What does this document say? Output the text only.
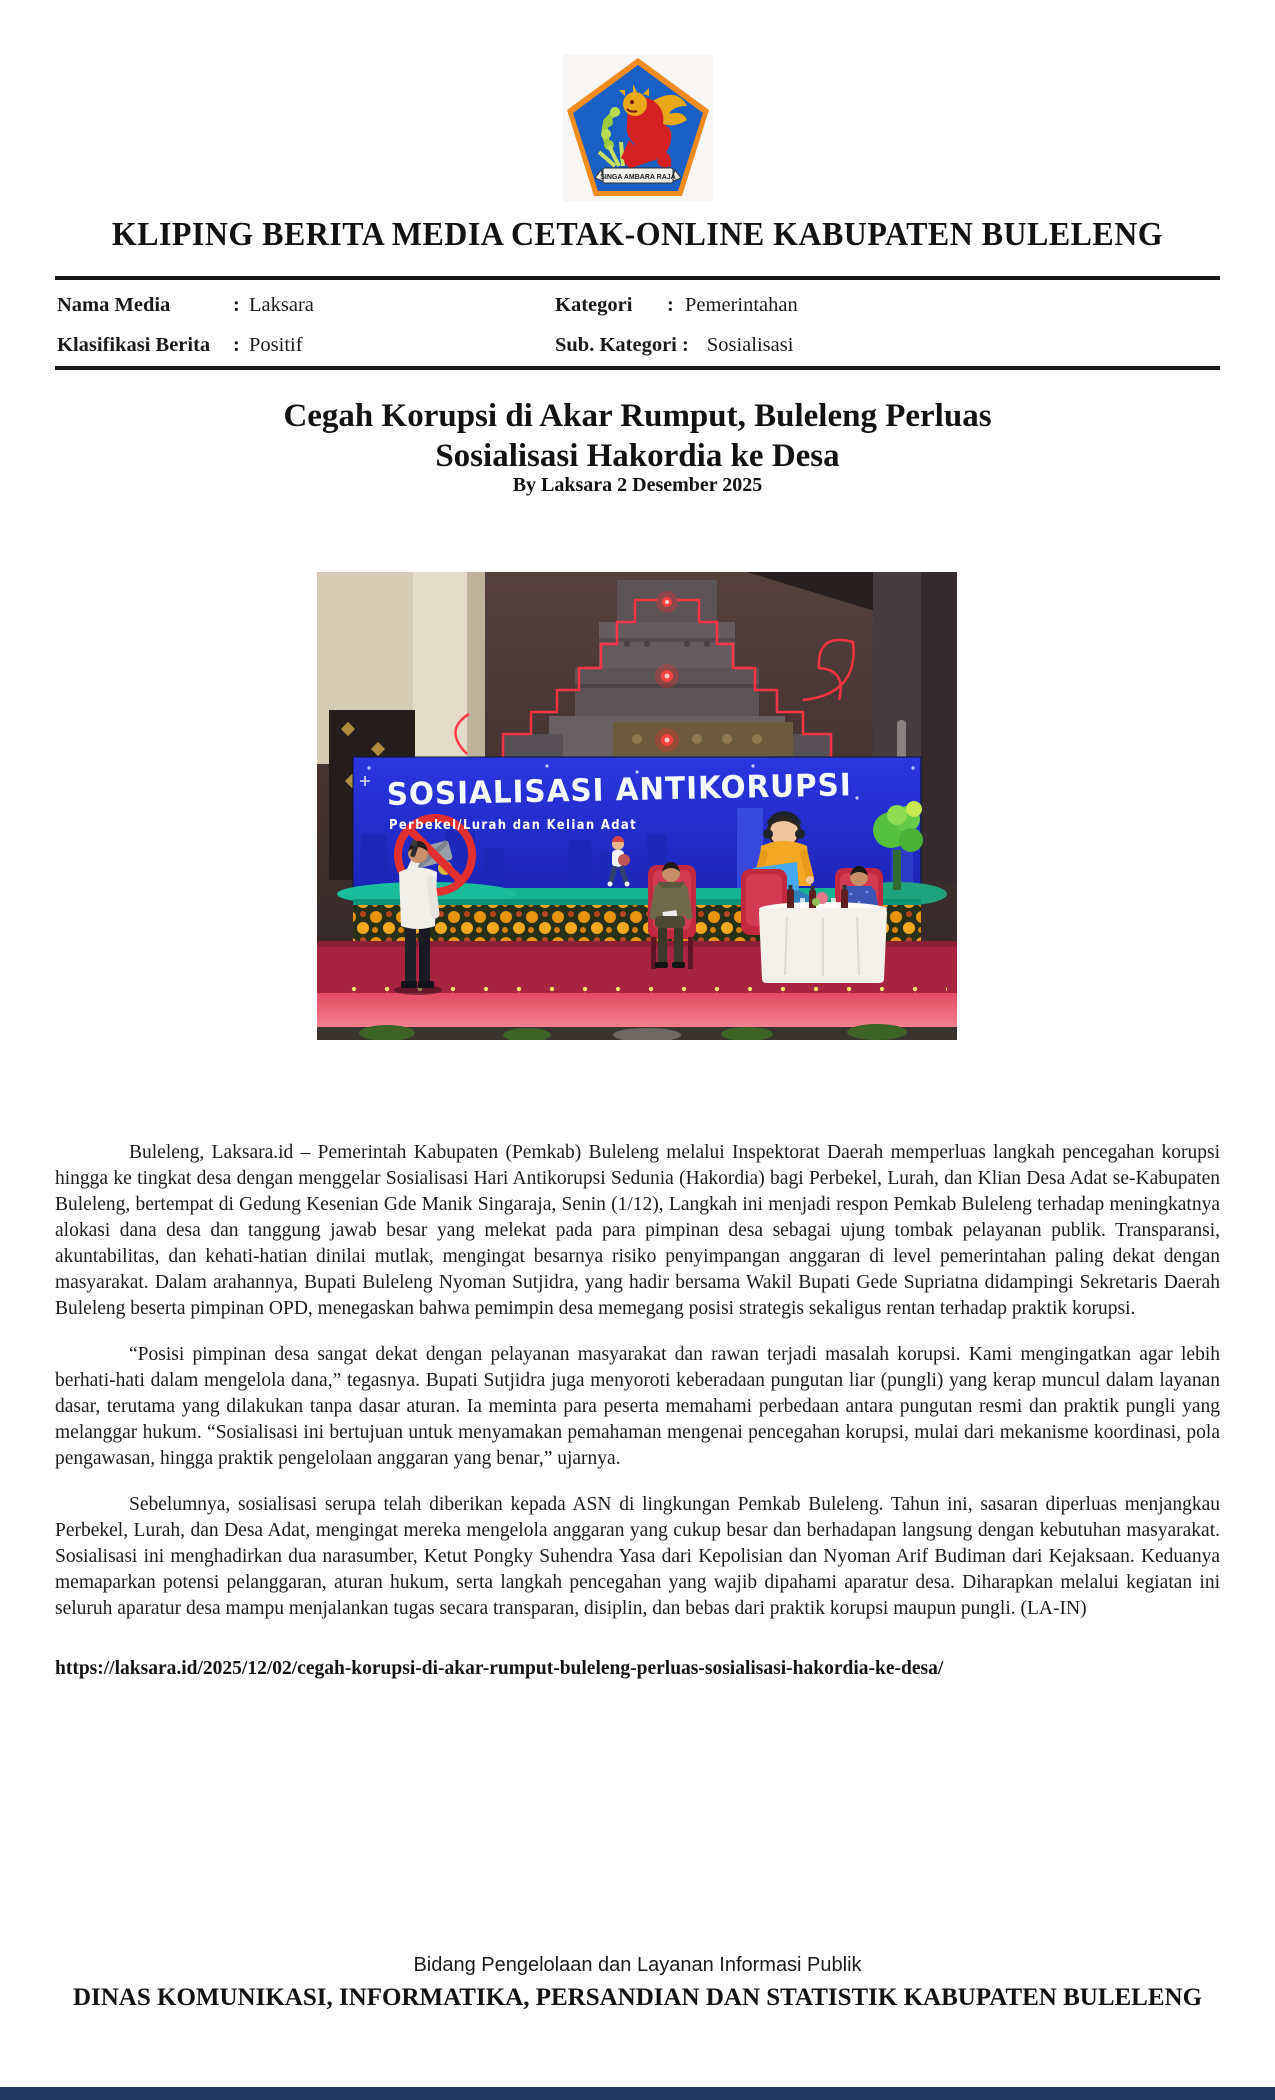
SINGA AMBARA RAJA
KLIPING BERITA MEDIA CETAK-ONLINE KABUPATEN BULELENG
Nama Media	: Laksara	Kategori	: Pemerintahan
Klasifikasi Berita	: Positif	Sub. Kategori : Sosialisasi
Cegah Korupsi di Akar Rumput, Buleleng Perluas
Sosialisasi Hakordia ke Desa
By Laksara 2 Desember 2025
SOSIALISASI ANTIKORUPSI
Perbekel/Lurah dan Kelian Adat

Buleleng, Laksara.id – Pemerintah Kabupaten (Pemkab) Buleleng melalui Inspektorat Daerah memperluas langkah pencegahan korupsi hingga ke tingkat desa dengan menggelar Sosialisasi Hari Antikorupsi Sedunia (Hakordia) bagi Perbekel, Lurah, dan Klian Desa Adat se-Kabupaten Buleleng, bertempat di Gedung Kesenian Gde Manik Singaraja, Senin (1/12), Langkah ini menjadi respon Pemkab Buleleng terhadap meningkatnya alokasi dana desa dan tanggung jawab besar yang melekat pada para pimpinan desa sebagai ujung tombak pelayanan publik. Transparansi, akuntabilitas, dan kehati-hatian dinilai mutlak, mengingat besarnya risiko penyimpangan anggaran di level pemerintahan paling dekat dengan masyarakat. Dalam arahannya, Bupati Buleleng Nyoman Sutjidra, yang hadir bersama Wakil Bupati Gede Supriatna didampingi Sekretaris Daerah Buleleng beserta pimpinan OPD, menegaskan bahwa pemimpin desa memegang posisi strategis sekaligus rentan terhadap praktik korupsi.

“Posisi pimpinan desa sangat dekat dengan pelayanan masyarakat dan rawan terjadi masalah korupsi. Kami mengingatkan agar lebih berhati-hati dalam mengelola dana,” tegasnya. Bupati Sutjidra juga menyoroti keberadaan pungutan liar (pungli) yang kerap muncul dalam layanan dasar, terutama yang dilakukan tanpa dasar aturan. Ia meminta para peserta memahami perbedaan antara pungutan resmi dan praktik pungli yang melanggar hukum. “Sosialisasi ini bertujuan untuk menyamakan pemahaman mengenai pencegahan korupsi, mulai dari mekanisme koordinasi, pola pengawasan, hingga praktik pengelolaan anggaran yang benar,” ujarnya.

Sebelumnya, sosialisasi serupa telah diberikan kepada ASN di lingkungan Pemkab Buleleng. Tahun ini, sasaran diperluas menjangkau Perbekel, Lurah, dan Desa Adat, mengingat mereka mengelola anggaran yang cukup besar dan berhadapan langsung dengan kebutuhan masyarakat. Sosialisasi ini menghadirkan dua narasumber, Ketut Pongky Suhendra Yasa dari Kepolisian dan Nyoman Arif Budiman dari Kejaksaan. Keduanya memaparkan potensi pelanggaran, aturan hukum, serta langkah pencegahan yang wajib dipahami aparatur desa. Diharapkan melalui kegiatan ini seluruh aparatur desa mampu menjalankan tugas secara transparan, disiplin, dan bebas dari praktik korupsi maupun pungli. (LA-IN)

https://laksara.id/2025/12/02/cegah-korupsi-di-akar-rumput-buleleng-perluas-sosialisasi-hakordia-ke-desa/
Bidang Pengelolaan dan Layanan Informasi Publik
DINAS KOMUNIKASI, INFORMATIKA, PERSANDIAN DAN STATISTIK KABUPATEN BULELENG
